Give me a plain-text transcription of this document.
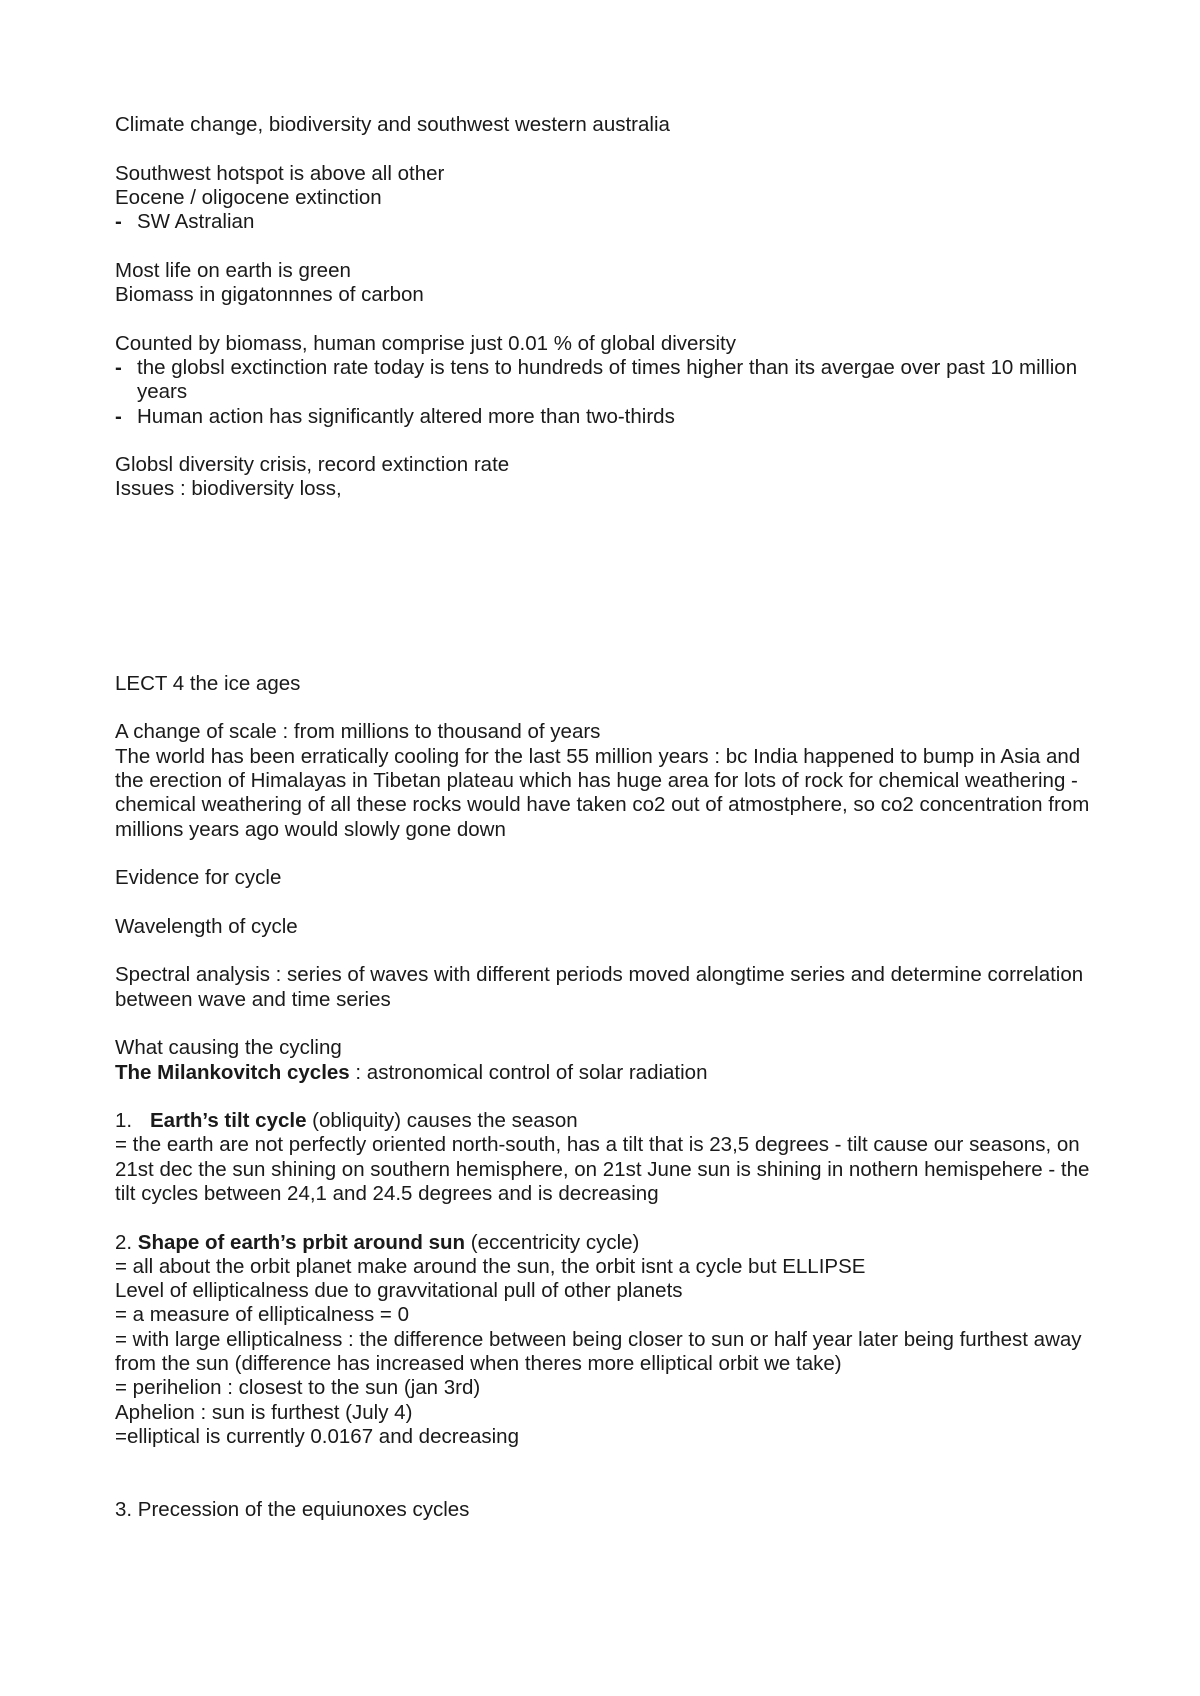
Climate change, biodiversity and southwest western australia

Southwest hotspot is above all other

Eocene / oligocene extinction

- SW Astralian

Most life on earth is green

Biomass in gigatonnnes of carbon

Counted by biomass, human comprise just 0.01 % of global diversity

- the globsl exctinction rate today is tens to hundreds of times higher than its avergae over past 10 million years

- Human action has significantly altered more than two-thirds

Globsl diversity crisis, record extinction rate

Issues : biodiversity loss,

LECT 4 the ice ages

A change of scale : from millions to thousand of years

The world has been erratically cooling for the last 55 million years : bc India happened to bump in Asia and the erection of Himalayas in Tibetan plateau which has huge area for lots of rock for chemical weathering - chemical weathering of all these rocks would have taken co2 out of atmostphere, so co2 concentration from millions years ago would slowly gone down

Evidence for cycle

Wavelength of cycle

Spectral analysis : series of waves with different periods moved alongtime series and determine correlation between wave and time series

What causing the cycling

The Milankovitch cycles : astronomical control of solar radiation

1. Earth’s tilt cycle (obliquity) causes the season

= the earth are not perfectly oriented north-south, has a tilt that is 23,5 degrees - tilt cause our seasons, on 21st dec the sun shining on southern hemisphere, on 21st June sun is shining in nothern hemispehere - the tilt cycles between 24,1 and 24.5 degrees and is decreasing

2. Shape of earth’s prbit around sun (eccentricity cycle)

= all about the orbit planet make around the sun, the orbit isnt a cycle but ELLIPSE

Level of ellipticalness due to gravvitational pull of other planets

= a measure of ellipticalness = 0

= with large ellipticalness : the difference between being closer to sun or half year later being furthest away from the sun (difference has increased when theres more elliptical orbit we take)

= perihelion : closest to the sun (jan 3rd)

Aphelion : sun is furthest (July 4)

=elliptical is currently 0.0167 and decreasing

3. Precession of the equiunoxes cycles
